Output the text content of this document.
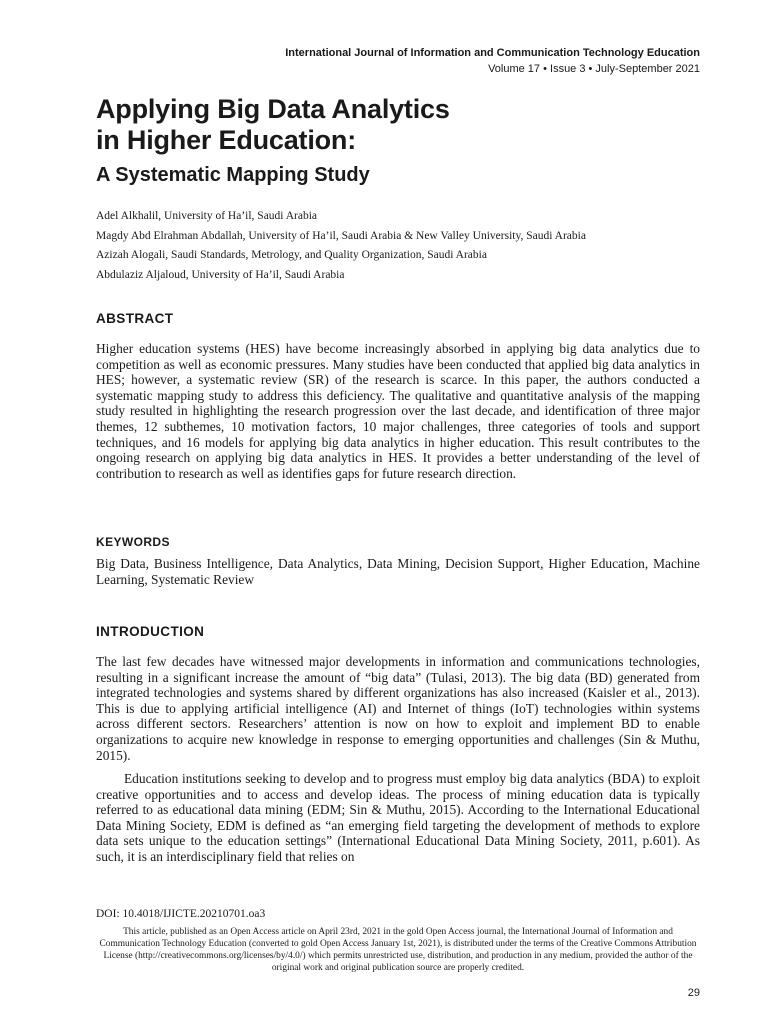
International Journal of Information and Communication Technology Education
Volume 17 • Issue 3 • July-September 2021
Applying Big Data Analytics
in Higher Education:
A Systematic Mapping Study
Adel Alkhalil, University of Ha’il, Saudi Arabia
Magdy Abd Elrahman Abdallah, University of Ha’il, Saudi Arabia & New Valley University, Saudi Arabia
Azizah Alogali, Saudi Standards, Metrology, and Quality Organization, Saudi Arabia
Abdulaziz Aljaloud, University of Ha’il, Saudi Arabia
ABSTRACT
Higher education systems (HES) have become increasingly absorbed in applying big data analytics due to competition as well as economic pressures. Many studies have been conducted that applied big data analytics in HES; however, a systematic review (SR) of the research is scarce. In this paper, the authors conducted a systematic mapping study to address this deficiency. The qualitative and quantitative analysis of the mapping study resulted in highlighting the research progression over the last decade, and identification of three major themes, 12 subthemes, 10 motivation factors, 10 major challenges, three categories of tools and support techniques, and 16 models for applying big data analytics in higher education. This result contributes to the ongoing research on applying big data analytics in HES. It provides a better understanding of the level of contribution to research as well as identifies gaps for future research direction.
KEYWORDS
Big Data, Business Intelligence, Data Analytics, Data Mining, Decision Support, Higher Education, Machine Learning, Systematic Review
INTRODUCTION
The last few decades have witnessed major developments in information and communications technologies, resulting in a significant increase the amount of “big data” (Tulasi, 2013). The big data (BD) generated from integrated technologies and systems shared by different organizations has also increased (Kaisler et al., 2013). This is due to applying artificial intelligence (AI) and Internet of things (IoT) technologies within systems across different sectors. Researchers’ attention is now on how to exploit and implement BD to enable organizations to acquire new knowledge in response to emerging opportunities and challenges (Sin & Muthu, 2015).
Education institutions seeking to develop and to progress must employ big data analytics (BDA) to exploit creative opportunities and to access and develop ideas. The process of mining education data is typically referred to as educational data mining (EDM; Sin & Muthu, 2015). According to the International Educational Data Mining Society, EDM is defined as “an emerging field targeting the development of methods to explore data sets unique to the education settings” (International Educational Data Mining Society, 2011, p.601). As such, it is an interdisciplinary field that relies on
DOI: 10.4018/IJICTE.20210701.oa3
This article, published as an Open Access article on April 23rd, 2021 in the gold Open Access journal, the International Journal of Information and Communication Technology Education (converted to gold Open Access January 1st, 2021), is distributed under the terms of the Creative Commons Attribution License (http://creativecommons.org/licenses/by/4.0/) which permits unrestricted use, distribution, and production in any medium, provided the author of the original work and original publication source are properly credited.
29
